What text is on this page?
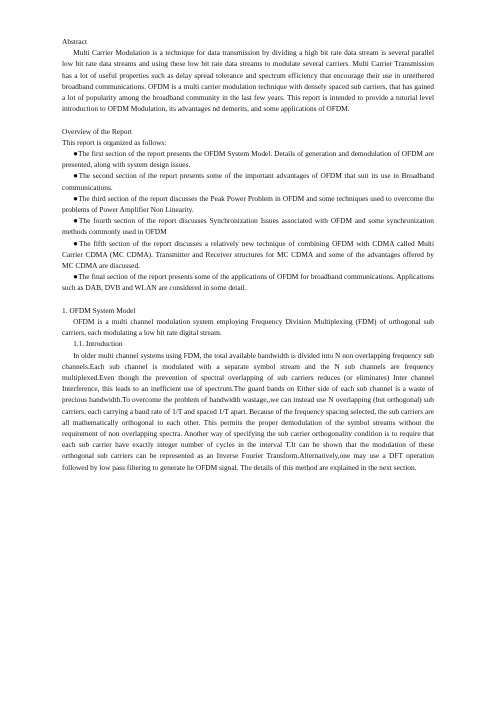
Abstract

Multi Carrier Modulation is a technique for data transmission by dividing a high bit rate data stream is several parallel low bit rate data streams and using these low bit rate data streams to modulate several carriers. Multi Carrier Transmission has a lot of useful properties such as delay spread tolerance and spectrum efficiency that encourage their use in untethered broadband communications. OFDM is a multi carrier modulation technique with densely spaced sub carriers, that has gained a lot of popularity among the broadband community in the last few years. This report is intended to provide a tutorial level introduction to OFDM Modulation, its advantages nd demerits, and some applications of OFDM.

Overview of the Report

This report is organized as follows:

●The first section of the report presents the OFDM System Model. Details of generation and demodulation of OFDM are presented, along with system design issues.

●The second section of the report presents some of the important advantages of OFDM that suit its use in Broadband communications.

●The third section of the report discusses the Peak Power Problem in OFDM and some techniques used to overcome the problems of Power Amplifier Non Linearity.

●The fourth section of the report discusses Synchronization Issues associated with OFDM and some synchronization methods commonly used in OFDM

●The fifth section of the report discusses a relatively new technique of combining OFDM with CDMA called Multi Carrier CDMA (MC CDMA). Transmitter and Receiver structures for MC CDMA and some of the advantages offered by MC CDMA are discussed.

●The final section of the report presents some of the applications of OFDM for broadband communications. Applications such as DAB, DVB and WLAN are considered in some detail.

1. OFDM System Model

OFDM is a multi channel modulation system employing Frequency Division Multiplexing (FDM) of orthogonal sub carriers, each modulating a low bit rate digital stream.

1.1. Introduction

In older multi channel systems using FDM, the total available bandwidth is divided into N non overlapping frequency sub channels.Each sub channel is modulated with a separate symbol stream and the N sub channels are frequency multiplexed.Even though the prevention of spectral overlapping of sub carriers reduces (or eliminates) Inter channel Interference, this leads to an inefficient use of spectrum.The guard bands on Either side of each sub channel is a waste of precious bandwidth.To overcome the problem of bandwidth wastage,,we can instead use N overlapping (but orthogonal) sub carriers, each carrying a baud rate of 1/T and spaced 1/T apart. Because of the frequency spacing selected, the sub carriers are all mathematically orthogonal to each other. This permits the proper demodulation of the symbol streams without the requirement of non overlapping spectra. Another way of specifying the sub carrier orthogonality condition is to require that each sub carrier have exactly integer number of cycles in the interval T.It can be shown that the modulation of these orthogonal sub carriers can be represented as an Inverse Fourier Transform.Alternatively,one may use a DFT operation followed by low pass filtering to generate he OFDM signal. The details of this method are explained in the next section.
